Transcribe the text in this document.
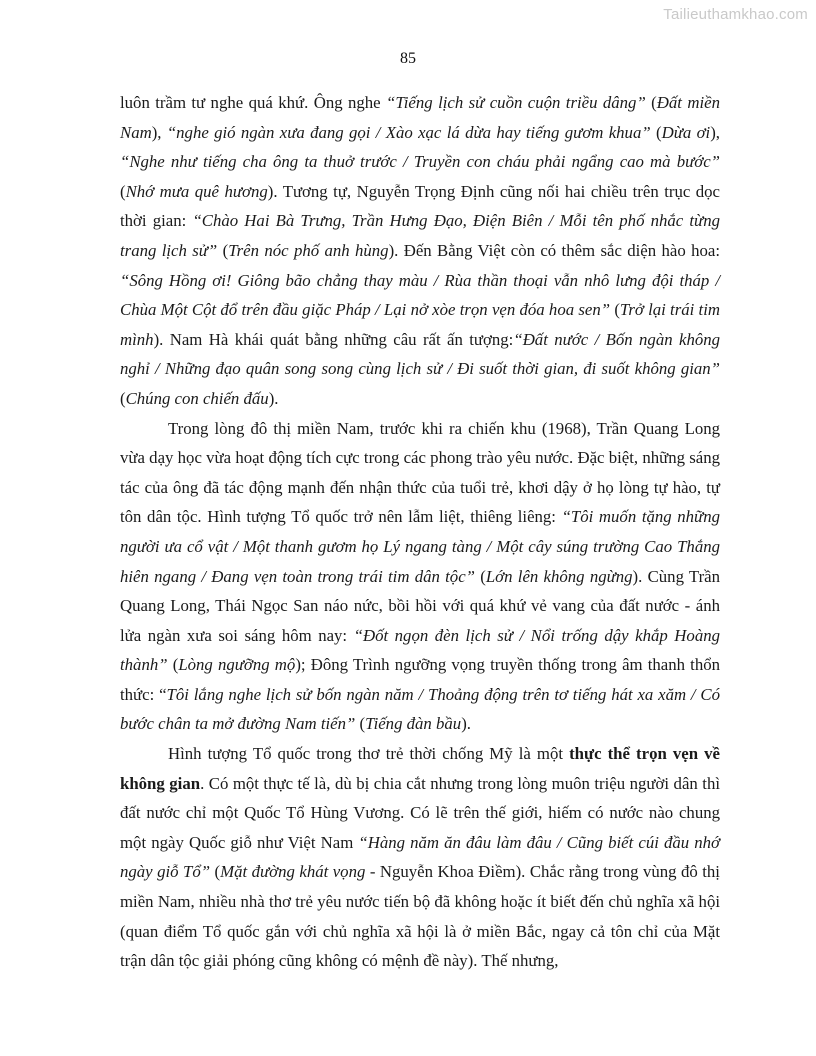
Tailieuthamkhao.com
85

luôn trầm tư nghe quá khứ. Ông nghe “Tiếng lịch sử cuồn cuộn triều dâng” (Đất miền Nam), “nghe gió ngàn xưa đang gọi / Xào xạc lá dừa hay tiếng gươm khua” (Dừa ơi), “Nghe như tiếng cha ông ta thuở trước / Truyền con cháu phải ngẩng cao mà bước” (Nhớ mưa quê hương). Tương tự, Nguyễn Trọng Định cũng nối hai chiều trên trục dọc thời gian: “Chào Hai Bà Trưng, Trần Hưng Đạo, Điện Biên / Mỗi tên phố nhắc từng trang lịch sử” (Trên nóc phố anh hùng). Đến Bằng Việt còn có thêm sắc diện hào hoa: “Sông Hồng ơi! Giông bão chẳng thay màu / Rùa thần thoại vẫn nhô lưng đội tháp / Chùa Một Cột đổ trên đầu giặc Pháp / Lại nở xòe trọn vẹn đóa hoa sen” (Trở lại trái tim mình). Nam Hà khái quát bằng những câu rất ấn tượng:“Đất nước / Bốn ngàn không nghỉ / Những đạo quân song song cùng lịch sử / Đi suốt thời gian, đi suốt không gian” (Chúng con chiến đấu).

Trong lòng đô thị miền Nam, trước khi ra chiến khu (1968), Trần Quang Long vừa dạy học vừa hoạt động tích cực trong các phong trào yêu nước. Đặc biệt, những sáng tác của ông đã tác động mạnh đến nhận thức của tuổi trẻ, khơi dậy ở họ lòng tự hào, tự tôn dân tộc. Hình tượng Tổ quốc trở nên lẫm liệt, thiêng liêng: “Tôi muốn tặng những người ưa cổ vật / Một thanh gươm họ Lý ngang tàng / Một cây súng trường Cao Thắng hiên ngang / Đang vẹn toàn trong trái tim dân tộc” (Lớn lên không ngừng). Cùng Trần Quang Long, Thái Ngọc San náo nức, bồi hồi với quá khứ vẻ vang của đất nước - ánh lửa ngàn xưa soi sáng hôm nay: “Đốt ngọn đèn lịch sử / Nổi trống dậy khắp Hoàng thành” (Lòng ngưỡng mộ); Đông Trình ngưỡng vọng truyền thống trong âm thanh thổn thức: “Tôi lắng nghe lịch sử bốn ngàn năm / Thoảng động trên tơ tiếng hát xa xăm / Có bước chân ta mở đường Nam tiến” (Tiếng đàn bầu).

Hình tượng Tổ quốc trong thơ trẻ thời chống Mỹ là một thực thể trọn vẹn về không gian. Có một thực tế là, dù bị chia cắt nhưng trong lòng muôn triệu người dân thì đất nước chỉ một Quốc Tổ Hùng Vương. Có lẽ trên thế giới, hiếm có nước nào chung một ngày Quốc giỗ như Việt Nam “Hàng năm ăn đâu làm đâu / Cũng biết cúi đầu nhớ ngày giỗ Tổ” (Mặt đường khát vọng - Nguyễn Khoa Điềm). Chắc rằng trong vùng đô thị miền Nam, nhiều nhà thơ trẻ yêu nước tiến bộ đã không hoặc ít biết đến chủ nghĩa xã hội (quan điểm Tổ quốc gắn với chủ nghĩa xã hội là ở miền Bắc, ngay cả tôn chỉ của Mặt trận dân tộc giải phóng cũng không có mệnh đề này). Thế nhưng,
